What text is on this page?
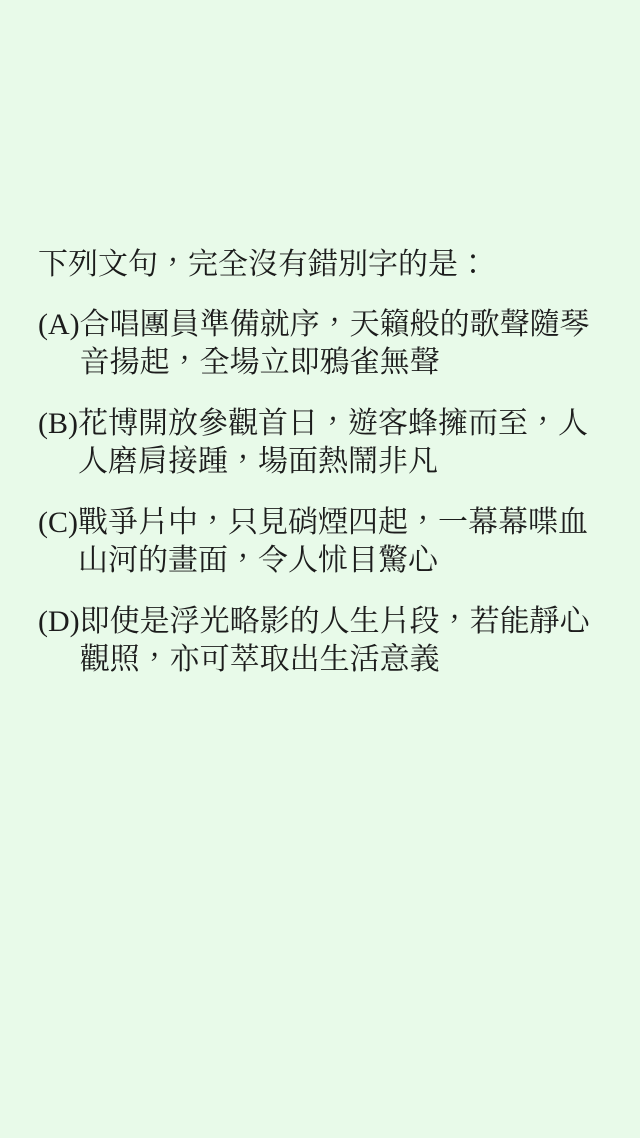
下列文句，完全沒有錯別字的是：
(A) 合唱團員準備就序，天籟般的歌聲隨琴
音揚起，全場立即鴉雀無聲
(B) 花博開放參觀首日，遊客蜂擁而至，人
人磨肩接踵，場面熱鬧非凡
(C) 戰爭片中，只見硝煙四起，一幕幕喋血
山河的畫面，令人怵目驚心
(D) 即使是浮光略影的人生片段，若能靜心
觀照，亦可萃取出生活意義
